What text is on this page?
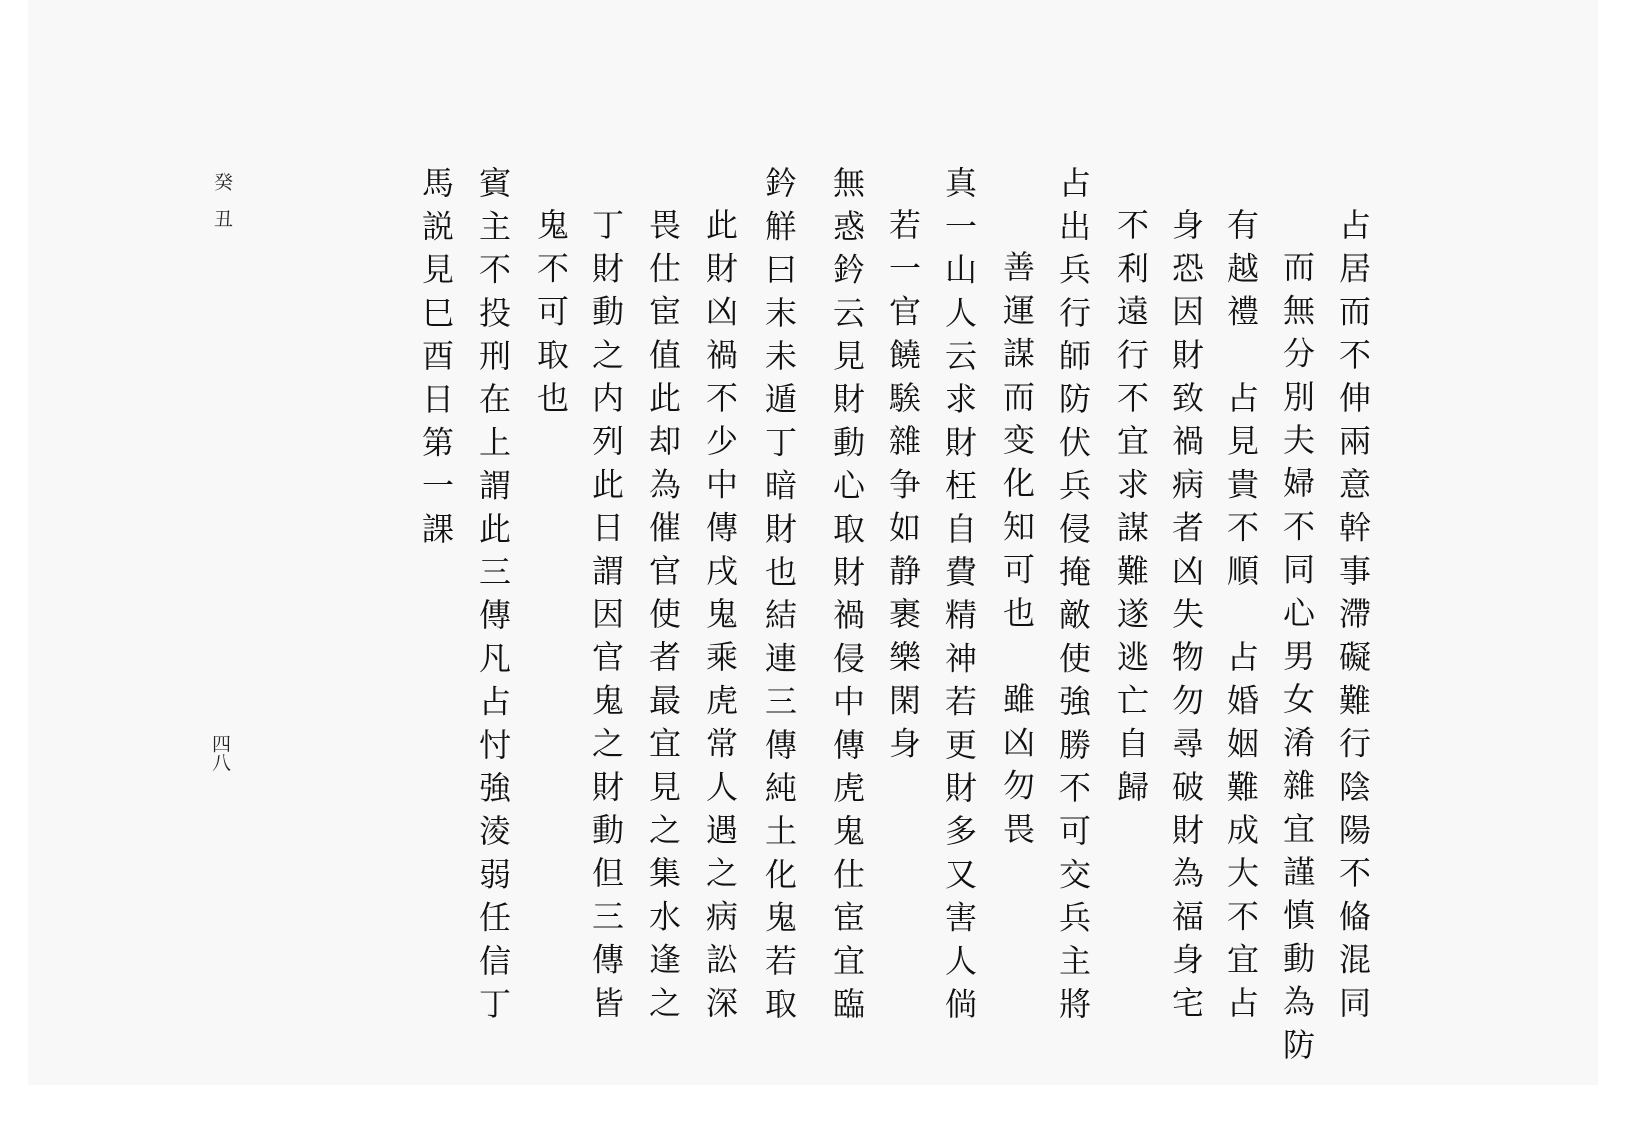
癸丑
四八	占居而不伸兩意幹事滯礙難行陰陽不偹混同
而無分別夫婦不同心男女淆雜宜謹慎動為防
有越禮　占見貴不順　占婚姻難成大不宜占
身恐因財致禍病者凶失物勿尋破財為福身宅
不利遠行不宜求謀難遂逃亡自歸
占出兵行師防伏兵侵掩敵使強勝不可交兵主將
善運謀而变化知可也　雖凶勿畏
真一山人云求財枉自費精神若更財多又害人倘
若一官饒騃雜争如静裹樂閑身
無惑鈐云見財動心取財禍侵中傳虎鬼仕宦宜臨
鈐觧曰末未遁丁暗財也結連三傳純土化鬼若取
此財凶禍不少中傳戌鬼乘虎常人遇之病訟深
畏仕宦值此却為催官使者最宜見之集水逢之
丁財動之内列此日謂因官鬼之財動但三傳皆
鬼不可取也
賓主不投刑在上謂此三傳凡占忖強淩弱任信丁
馬説見巳酉日第一課
